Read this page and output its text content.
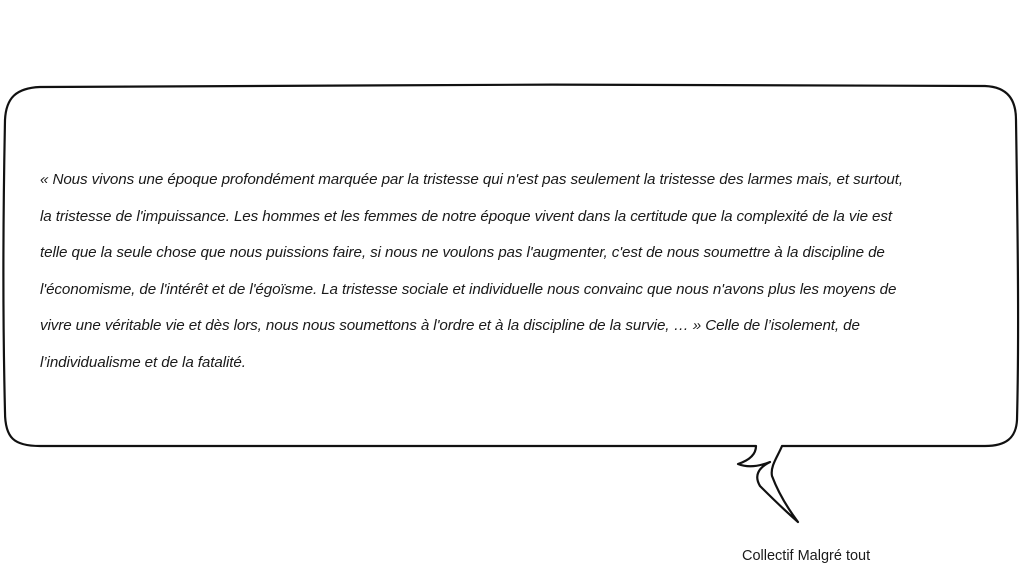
« Nous vivons une époque profondément marquée par la tristesse qui n'est pas seulement la tristesse des larmes mais, et surtout,
la tristesse de l'impuissance. Les hommes et les femmes de notre époque vivent dans la certitude que la complexité de la vie est
telle que la seule chose que nous puissions faire, si nous ne voulons pas l'augmenter, c'est de nous soumettre à la discipline de
l'économisme, de l'intérêt et de l'égoïsme. La tristesse sociale et individuelle nous convainc que nous n'avons plus les moyens de
vivre une véritable vie et dès lors, nous nous soumettons à l'ordre et à la discipline de la survie, … » Celle de l’isolement, de
l’individualisme et de la fatalité.

Collectif Malgré tout
